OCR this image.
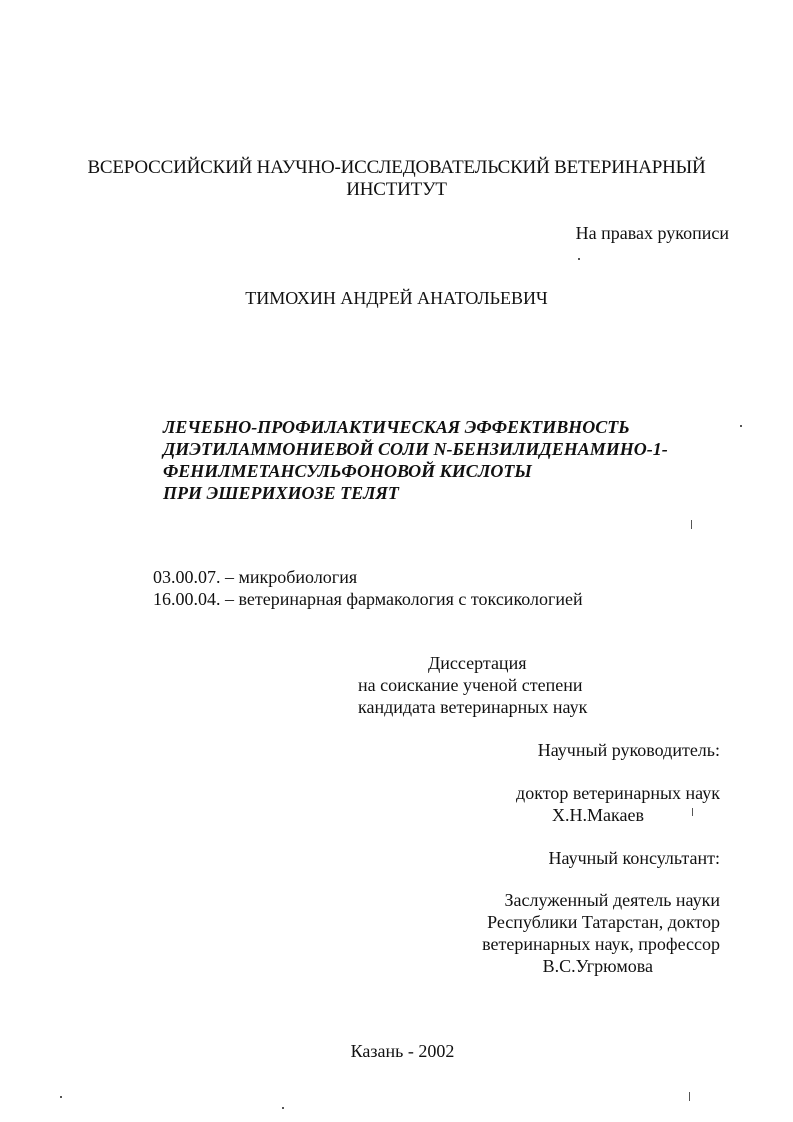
ВСЕРОССИЙСКИЙ НАУЧНО-ИССЛЕДОВАТЕЛЬСКИЙ ВЕТЕРИНАРНЫЙ
ИНСТИТУТ
На правах рукописи
ТИМОХИН АНДРЕЙ АНАТОЛЬЕВИЧ
ЛЕЧЕБНО-ПРОФИЛАКТИЧЕСКАЯ ЭФФЕКТИВНОСТЬ
ДИЭТИЛАММОНИЕВОЙ СОЛИ N-БЕНЗИЛИДЕНАМИНО-1-
ФЕНИЛМЕТАНСУЛЬФОНОВОЙ КИСЛОТЫ
ПРИ ЭШЕРИХИОЗЕ ТЕЛЯТ
03.00.07. – микробиология
16.00.04. – ветеринарная фармакология с токсикологией
Диссертация
на соискание ученой степени
кандидата ветеринарных наук
Научный руководитель:
доктор ветеринарных наук
Х.Н.Макаев
Научный консультант:
Заслуженный деятель науки
Республики Татарстан, доктор
ветеринарных наук, профессор
В.С.Угрюмова
Казань - 2002
